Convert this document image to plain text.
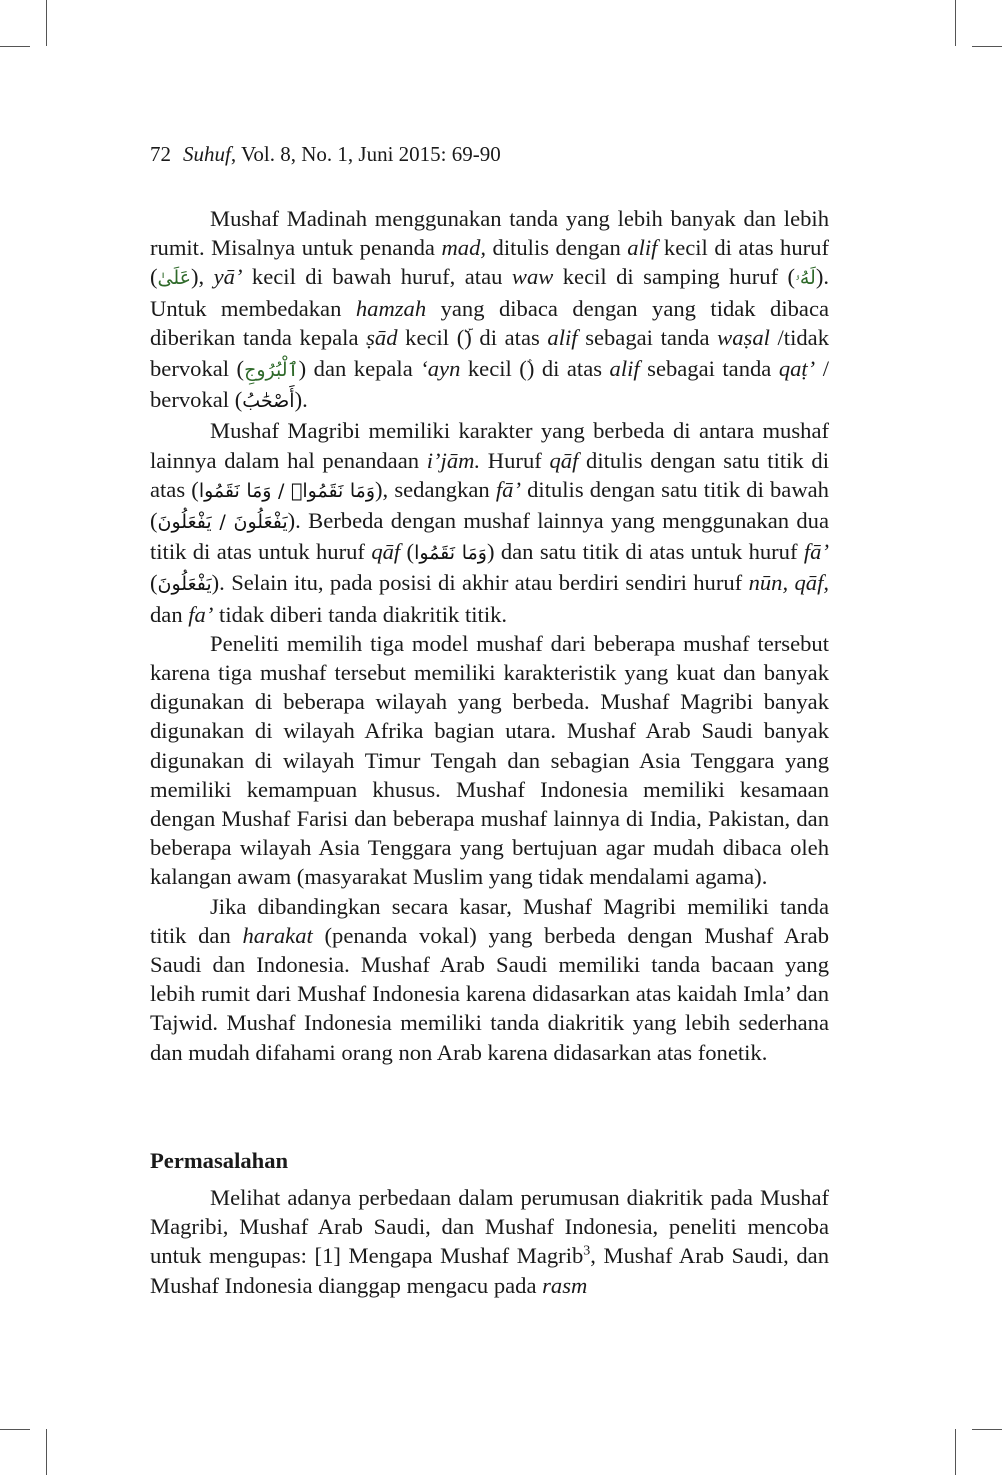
72 Suhuf, Vol. 8, No. 1, Juni 2015: 69-90

Mushaf Madinah menggunakan tanda yang lebih banyak dan lebih rumit. Misalnya untuk penanda mad, ditulis dengan alif kecil di atas huruf (عَلَىٰ), yā’ kecil di bawah huruf, atau waw kecil di samping huruf (لَهُۥ). Untuk membedakan hamzah yang dibaca dengan yang tidak dibaca diberikan tanda kepala ṣād kecil () di atas alif sebagai tanda waṣal /tidak bervokal (ٱلْبُرُوجِ) dan kepala ‘ayn kecil () di atas alif sebagai tanda qaṭ’ / bervokal (أَصْحَٰبُ).

Mushaf Magribi memiliki karakter yang berbeda di antara mushaf lainnya dalam hal penandaan i’jām. Huruf qāf ditulis dengan satu titik di atas (وَمَا نَقَمُوا۟ / وَمَا نَقَمُوا), sedangkan fā’ ditulis dengan satu titik di bawah (يَفْعَلُونَ / يَفْعَلُونَ). Berbeda dengan mushaf lainnya yang menggunakan dua titik di atas untuk huruf qāf (وَمَا نَقَمُوا) dan satu titik di atas untuk huruf fā’ (يَفْعَلُونَ). Selain itu, pada posisi di akhir atau berdiri sendiri huruf nūn, qāf, dan fa’ tidak diberi tanda diakritik titik.

Peneliti memilih tiga model mushaf dari beberapa mushaf tersebut karena tiga mushaf tersebut memiliki karakteristik yang kuat dan banyak digunakan di beberapa wilayah yang berbeda. Mushaf Magribi banyak digunakan di wilayah Afrika bagian utara. Mushaf Arab Saudi banyak digunakan di wilayah Timur Tengah dan sebagian Asia Tenggara yang memiliki kemampuan khusus. Mushaf Indonesia memiliki kesamaan dengan Mushaf Farisi dan beberapa mushaf lainnya di India, Pakistan, dan beberapa wilayah Asia Tenggara yang bertujuan agar mudah dibaca oleh kalangan awam (masyarakat Muslim yang tidak mendalami agama).

Jika dibandingkan secara kasar, Mushaf Magribi memiliki tanda titik dan harakat (penanda vokal) yang berbeda dengan Mushaf Arab Saudi dan Indonesia. Mushaf Arab Saudi memiliki tanda bacaan yang lebih rumit dari Mushaf Indonesia karena didasarkan atas kaidah Imla’ dan Tajwid. Mushaf Indonesia memiliki tanda diakritik yang lebih sederhana dan mudah difahami orang non Arab karena didasarkan atas fonetik.

Permasalahan

Melihat adanya perbedaan dalam perumusan diakritik pada Mushaf Magribi, Mushaf Arab Saudi, dan Mushaf Indonesia, peneliti mencoba untuk mengupas: [1] Mengapa Mushaf Magrib$^3$, Mushaf Arab Saudi, dan Mushaf Indonesia dianggap mengacu pada rasm
